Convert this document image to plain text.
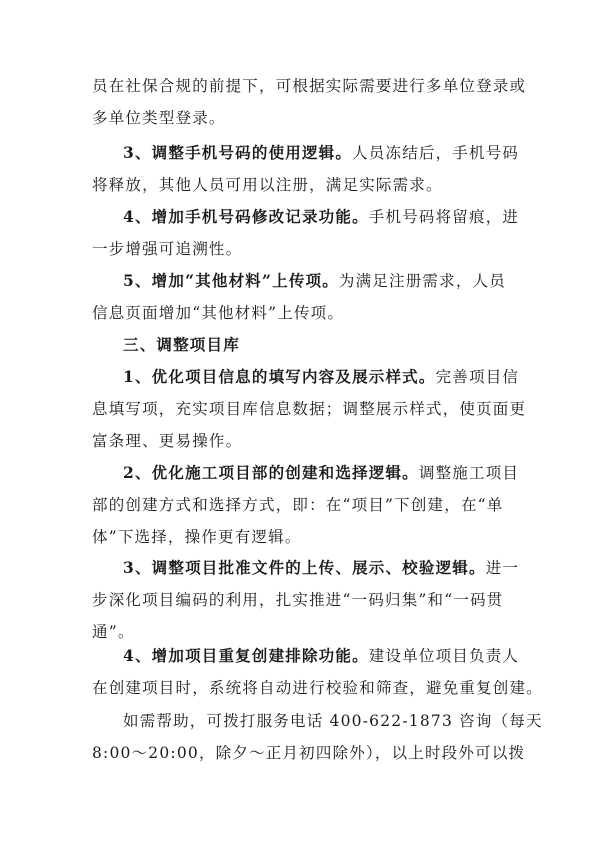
员在社保合规的前提下，可根据实际需要进行多单位登录或
多单位类型登录。
3、调整手机号码的使用逻辑。人员冻结后，手机号码
将释放，其他人员可用以注册，满足实际需求。
4、增加手机号码修改记录功能。手机号码将留痕，进
一步增强可追溯性。
5、增加“其他材料”上传项。为满足注册需求，人员
信息页面增加“其他材料”上传项。
三、调整项目库
1、优化项目信息的填写内容及展示样式。完善项目信
息填写项，充实项目库信息数据；调整展示样式，使页面更
富条理、更易操作。
2、优化施工项目部的创建和选择逻辑。调整施工项目
部的创建方式和选择方式，即：在“项目”下创建，在“单
体”下选择，操作更有逻辑。
3、调整项目批准文件的上传、展示、校验逻辑。进一
步深化项目编码的利用，扎实推进“一码归集”和“一码贯
通”。
4、增加项目重复创建排除功能。建设单位项目负责人
在创建项目时，系统将自动进行校验和筛查，避免重复创建。
如需帮助，可拨打服务电话 400-622-1873 咨询（每天
8:00～20:00，除夕～正月初四除外），以上时段外可以拨
